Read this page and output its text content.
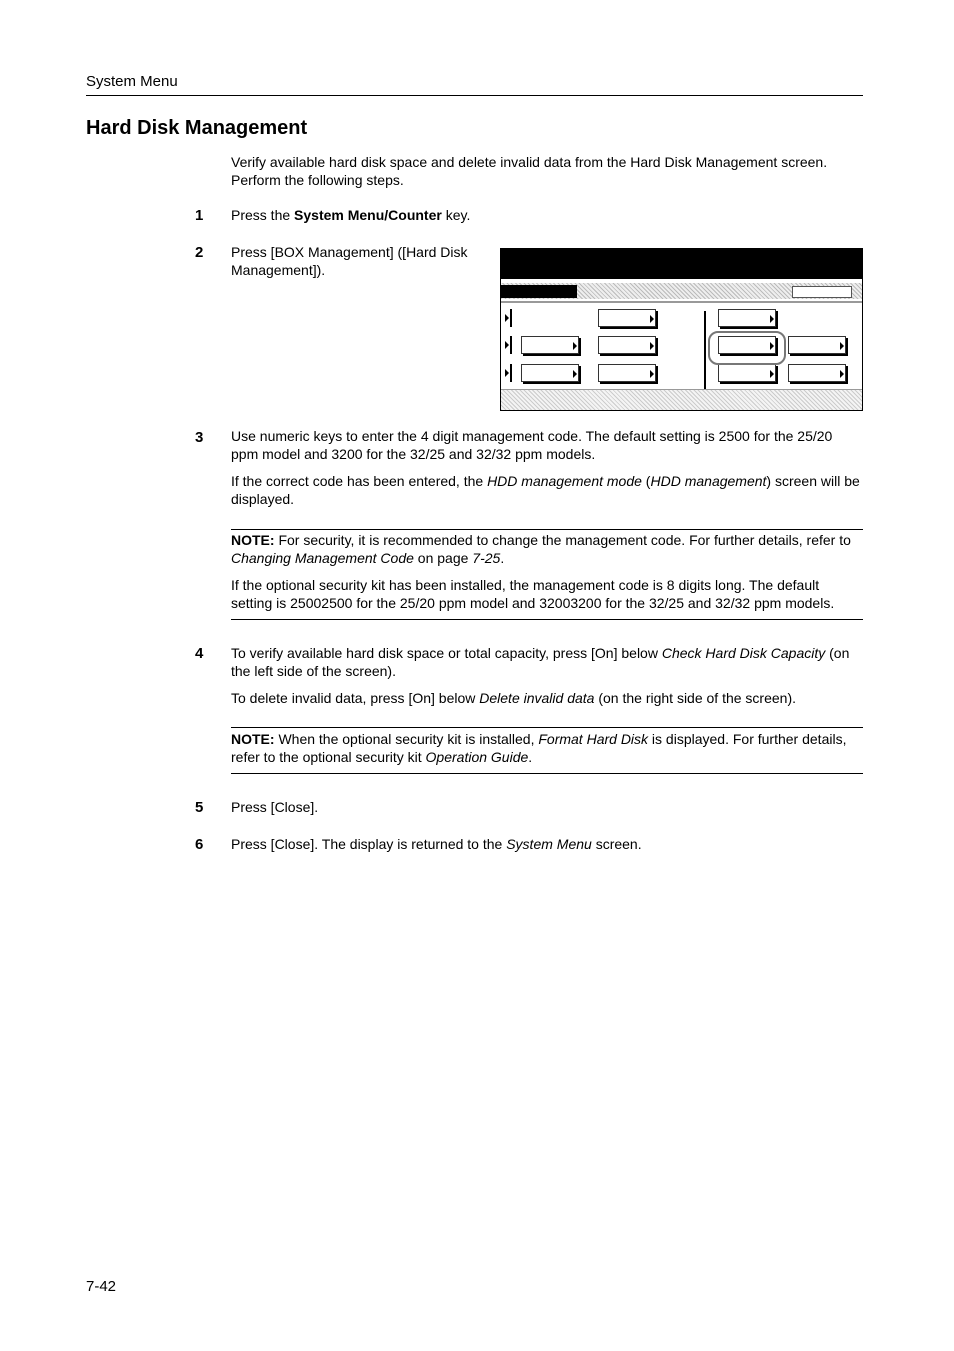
System Menu
Hard Disk Management
Verify available hard disk space and delete invalid data from the Hard Disk Management screen. Perform the following steps.
1 Press the System Menu/Counter key.
2 Press [BOX Management] ([Hard Disk Management]).
3 Use numeric keys to enter the 4 digit management code. The default setting is 2500 for the 25/20 ppm model and 3200 for the 32/25 and 32/32 ppm models.
If the correct code has been entered, the HDD management mode (HDD management) screen will be displayed.
NOTE: For security, it is recommended to change the management code. For further details, refer to Changing Management Code on page 7-25.
If the optional security kit has been installed, the management code is 8 digits long. The default setting is 25002500 for the 25/20 ppm model and 32003200 for the 32/25 and 32/32 ppm models.
4 To verify available hard disk space or total capacity, press [On] below Check Hard Disk Capacity (on the left side of the screen).
To delete invalid data, press [On] below Delete invalid data (on the right side of the screen).
NOTE: When the optional security kit is installed, Format Hard Disk is displayed. For further details, refer to the optional security kit Operation Guide.
5 Press [Close].
6 Press [Close]. The display is returned to the System Menu screen.
7-42
